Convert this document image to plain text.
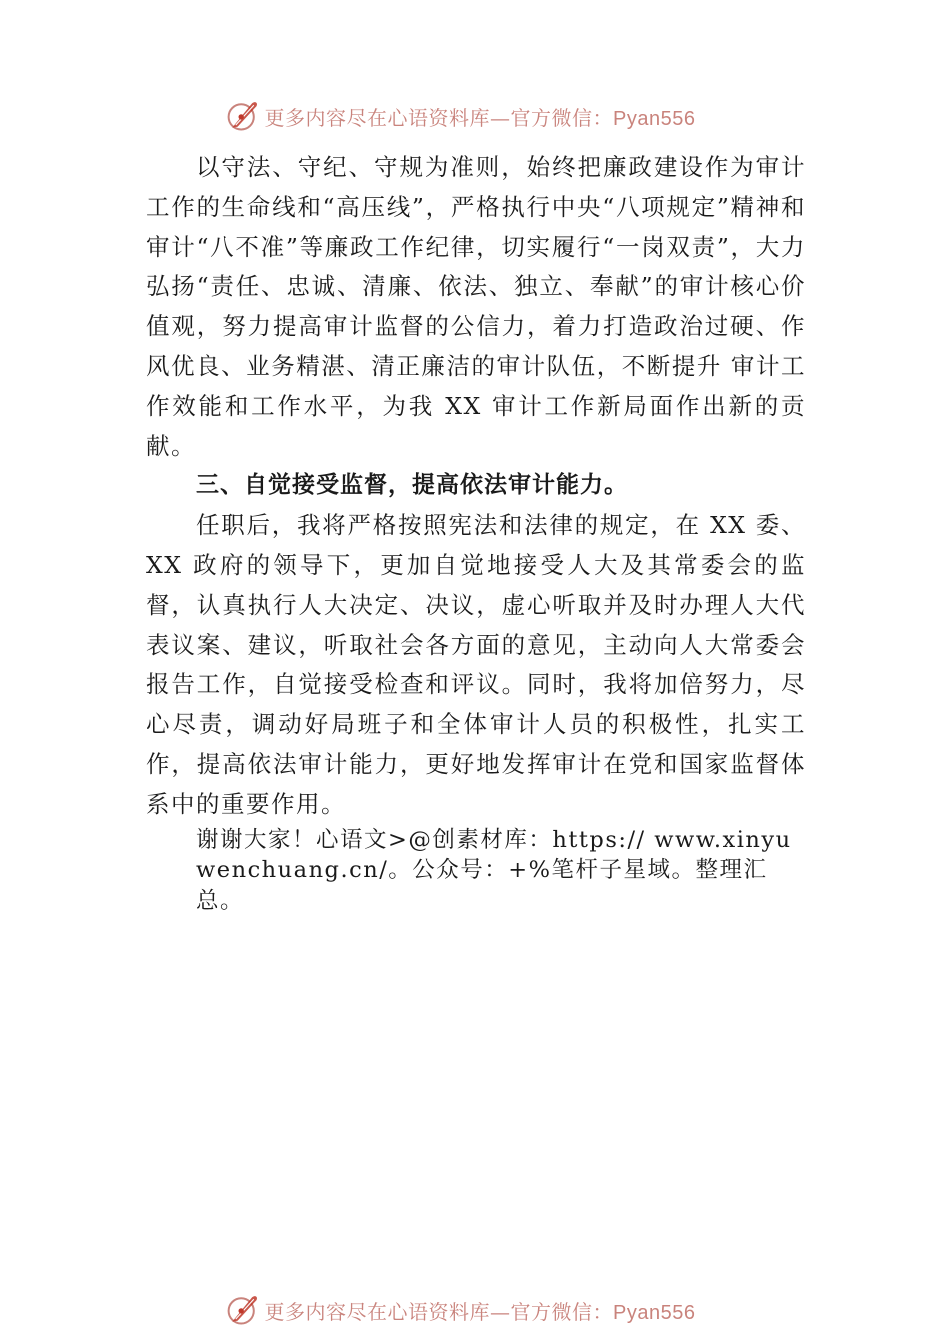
更多内容尽在心语资料库—官方微信：Pyan556

以守法、守纪、守规为准则，始终把廉政建设作为审计工作的生命线和“高压线”，严格执行中央“八项规定”精神和审计“八不准”等廉政工作纪律，切实履行“一岗双责”，大力弘扬“责任、忠诚、清廉、依法、独立、奉献”的审计核心价值观，努力提高审计监督的公信力，着力打造政治过硬、作风优良、业务精湛、清正廉洁的审计队伍，不断提升 审计工作效能和工作水平，为我 XX 审计工作新局面作出新的贡献。

三、自觉接受监督，提高依法审计能力。

任职后，我将严格按照宪法和法律的规定，在 XX 委、XX 政府的领导下，更加自觉地接受人大及其常委会的监督，认真执行人大决定、决议，虚心听取并及时办理人大代表议案、建议，听取社会各方面的意见，主动向人大常委会报告工作，自觉接受检查和评议。同时，我将加倍努力，尽心尽责，调动好局班子和全体审计人员的积极性，扎实工作，提高依法审计能力，更好地发挥审计在党和国家监督体系中的重要作用。

谢谢大家！心语文>@创素材库：https:// www.xinyuwenchuang.cn/。公众号：+%笔杆子星域。整理汇总。

更多内容尽在心语资料库—官方微信：Pyan556
